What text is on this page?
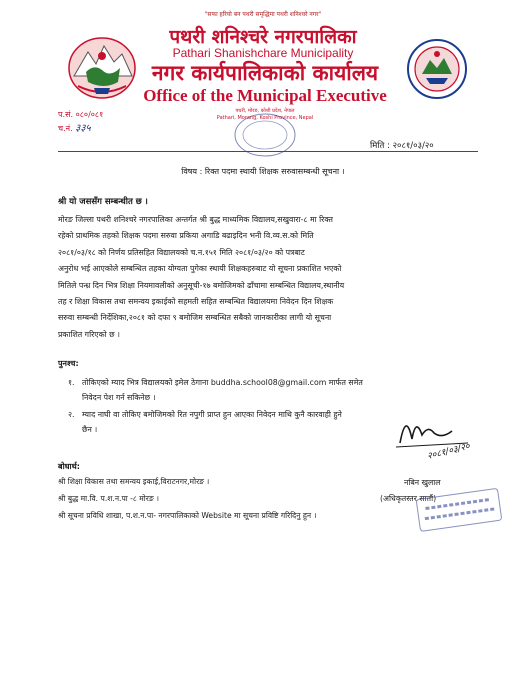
"सफा हरियो बन पथरी समृद्धिमा पथरी शनिश्चरे नगर"
पथरी शनिश्चरे नगरपालिका
Pathari Shanishchare Municipality
नगर कार्यपालिकाको कार्यालय
Office of the Municipal Executive
पथरी, मोरङ, कोशी प्रदेश, नेपाल
Pathari, Morang, Koshi Province, Nepal
प.सं. ०८०/०८१
च.नं. ३३५
मिति : २०८१/०३/२०
विषय : रिक्त पदमा स्थायी शिक्षक सरुवासम्बन्धी सूचना ।
श्री यो जससँग सम्बन्धीत छ ।
मोरङ जिल्ला पथरी शनिश्चरे नगरपालिका अन्तर्गत श्री बुद्ध माध्यमिक विद्यालय,सखुवारा-८ मा रिक्त
रहेको प्राथमिक तहको शिक्षक पदमा सरुवा प्रकिया अगाडि बढाइदिन भनी वि.व्य.स.को मिति
२०८१/०३/१८ को निर्णय प्रतिसहित विद्यालयको च.न.१५१ मिति २०८१/०३/२० को पत्रबाट
अनुरोध भई आएकोले सम्बन्धित तहका योग्यता पुगेका स्थायी शिक्षकहरुबाट यो सूचना प्रकाशित भएको
मितिले पन्ध्र दिन भित्र शिक्षा नियमावलीको अनुसूची-१७ बमोजिमको ढाँचामा सम्बन्धित विद्यालय,स्थानीय
तह र शिक्षा विकास तथा समन्वय इकाईको सहमती सहित सम्बन्धित विद्यालयमा निवेदन दिन शिक्षक
सरुवा सम्बन्धी निर्देशिका,२०८१ को दफा ९ बमोजिम सम्बन्धित सबैको जानकारीका लागी यो सूचना
प्रकाशित गरिएको छ ।
पुनश्च:
१. तोकिएको म्याद भित्र विद्यालयको इमेल ठेगाना buddha.school08@gmail.com मार्फत समेत
निवेदन पेश गर्न सकिनेछ ।
२. म्याद नाघी वा तोकिए बमोजिमको रित नपुगी प्राप्त हुन आएका निवेदन माथि कुनै कारवाही हुने
छैन ।
२०८१/०३/२०
नबिन खुलाल
(अधिकृतस्तर सातौं)
बोधार्थ:
श्री शिक्षा विकास तथा समन्वय इकाई,विराटनगर,मोरङ ।
श्री बुद्ध मा.वि. प.श.न.पा -८ मोरङ ।
श्री सूचना प्रविधि शाखा, प.श.न.पा- नगरपालिकाको Website मा सूचना प्रविष्टि गरिदिनु हुन ।
